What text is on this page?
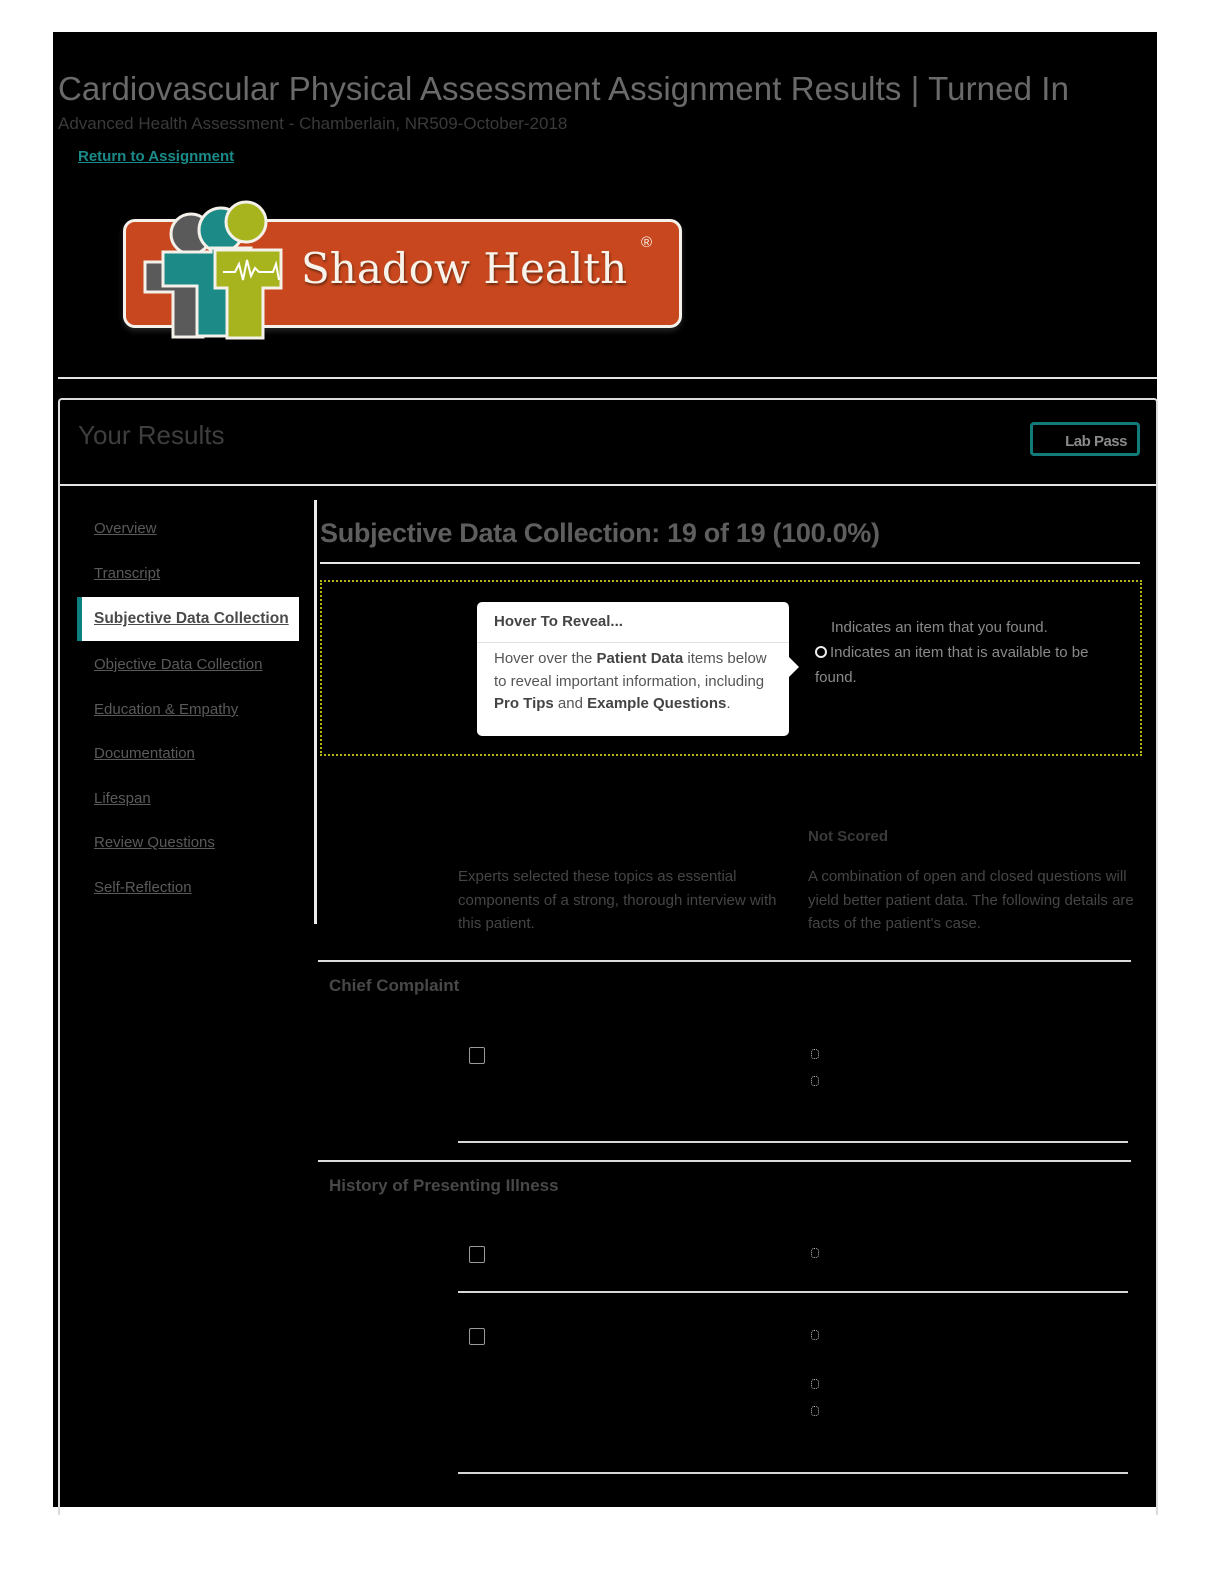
Cardiovascular Physical Assessment Assignment Results | Turned In
Advanced Health Assessment - Chamberlain, NR509-October-2018
Return to Assignment
Shadow Health
®
Your Results	Lab Pass
Overview
Transcript
Subjective Data Collection
Objective Data Collection
Education & Empathy
Documentation
Lifespan
Review Questions
Self-Reflection
Subjective Data Collection: 19 of 19 (100.0%)
Hover To Reveal...
Hover over the Patient Data items below to reveal important information, including Pro Tips and Example Questions.
Indicates an item that you found.
Indicates an item that is available to be found.
Not Scored
Experts selected these topics as essential components of a strong, thorough interview with this patient.
A combination of open and closed questions will yield better patient data. The following details are facts of the patient's case.
Chief Complaint
History of Presenting Illness
